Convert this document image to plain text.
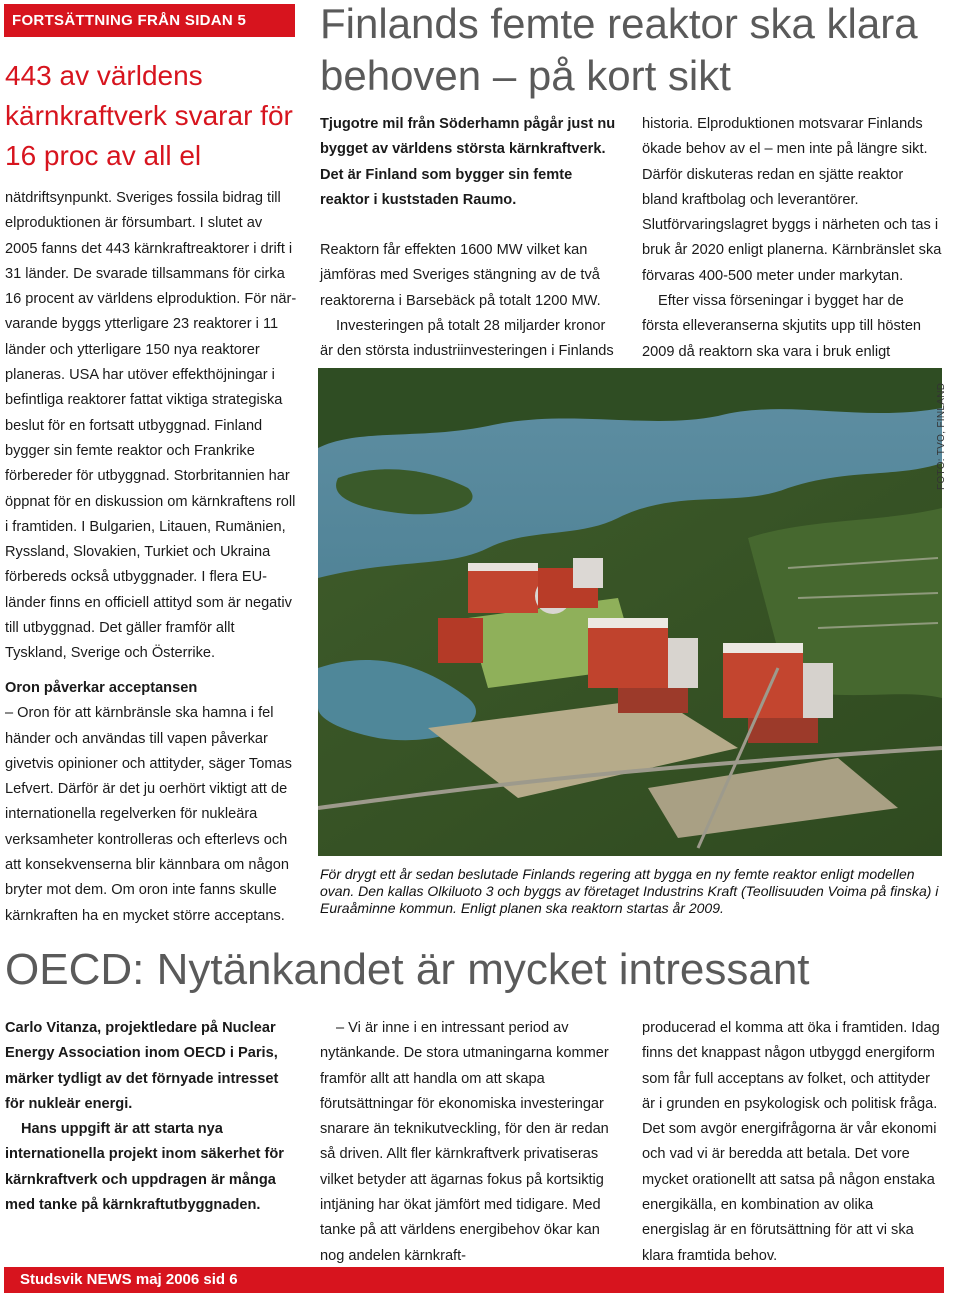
FORTSÄTTNING FRÅN SIDAN 5
443 av världens kärnkraftverk svarar för 16 proc av all el

nätdriftsynpunkt. Sveriges fossila bidrag till elproduktionen är försumbart. I slutet av 2005 fanns det 443 kärnkraftreaktorer i drift i 31 länder. De svarade tillsammans för cirka 16 procent av världens elproduktion. För när-varande byggs ytterligare 23 reaktorer i 11 länder och ytterligare 150 nya reaktorer planeras. USA har utöver effekthöjningar i befintliga reaktorer fattat viktiga strategiska beslut för en fortsatt utbyggnad. Finland bygger sin femte reaktor och Frankrike förbereder för utbyggnad. Storbritannien har öppnat för en diskussion om kärnkraftens roll i framtiden. I Bulgarien, Litauen, Rumänien, Ryssland, Slovakien, Turkiet och Ukraina förbereds också utbyggnader. I flera EU-länder finns en officiell attityd som är negativ till utbyggnad. Det gäller framför allt Tyskland, Sverige och Österrike.

Oron påverkar acceptansen

– Oron för att kärnbränsle ska hamna i fel händer och användas till vapen påverkar givetvis opinioner och attityder, säger Tomas Lefvert. Därför är det ju oerhört viktigt att de internationella regelverken för nukleära verksamheter kontrolleras och efterlevs och att konsekvenserna blir kännbara om någon bryter mot dem. Om oron inte fanns skulle kärnkraften ha en mycket större acceptans.

Finlands femte reaktor ska klara behoven – på kort sikt

Tjugotre mil från Söderhamn pågår just nu bygget av världens största kärnkraftverk. Det är Finland som bygger sin femte reaktor i kuststaden Raumo.

Reaktorn får effekten 1600 MW vilket kan jämföras med Sveriges stängning av de två reaktorerna i Barsebäck på totalt 1200 MW.

Investeringen på totalt 28 miljarder kronor är den största industriinvesteringen i Finlands

historia. Elproduktionen motsvarar Finlands ökade behov av el – men inte på längre sikt. Därför diskuteras redan en sjätte reaktor bland kraftbolag och leverantörer. Slutförvaringslagret byggs i närheten och tas i bruk år 2020 enligt planerna. Kärnbränslet ska förvaras 400-500 meter under markytan.

Efter vissa förseningar i bygget har de första elleveranserna skjutits upp till hösten 2009 då reaktorn ska vara i bruk enligt

FOTO: TVO, FINLAND
För drygt ett år sedan beslutade Finlands regering att bygga en ny femte reaktor enligt modellen ovan. Den kallas Olkiluoto 3 och byggs av företaget Industrins Kraft (Teollisuuden Voima på finska) i Euraåminne kommun. Enligt planen ska reaktorn startas år 2009.
OECD: Nytänkandet är mycket intressant

Carlo Vitanza, projektledare på Nuclear Energy Association inom OECD i Paris, märker tydligt av det förnyade intresset för nukleär energi.

Hans uppgift är att starta nya internationella projekt inom säkerhet för kärnkraftverk och uppdragen är många med tanke på kärnkraftutbyggnaden.

– Vi är inne i en intressant period av nytänkande. De stora utmaningarna kommer framför allt att handla om att skapa förutsättningar för ekonomiska investeringar snarare än teknikutveckling, för den är redan så driven. Allt fler kärnkraftverk privatiseras vilket betyder att ägarnas fokus på kortsiktig intjäning har ökat jämfört med tidigare. Med tanke på att världens energibehov ökar kan nog andelen kärnkraft-

producerad el komma att öka i framtiden. Idag finns det knappast någon utbyggd energiform som får full acceptans av folket, och attityder är i grunden en psykologisk och politisk fråga. Det som avgör energifrågorna är vår ekonomi och vad vi är beredda att betala. Det vore mycket orationellt att satsa på någon enstaka energikälla, en kombination av olika energislag är en förutsättning för att vi ska klara framtida behov.

Studsvik NEWS maj 2006 sid 6
